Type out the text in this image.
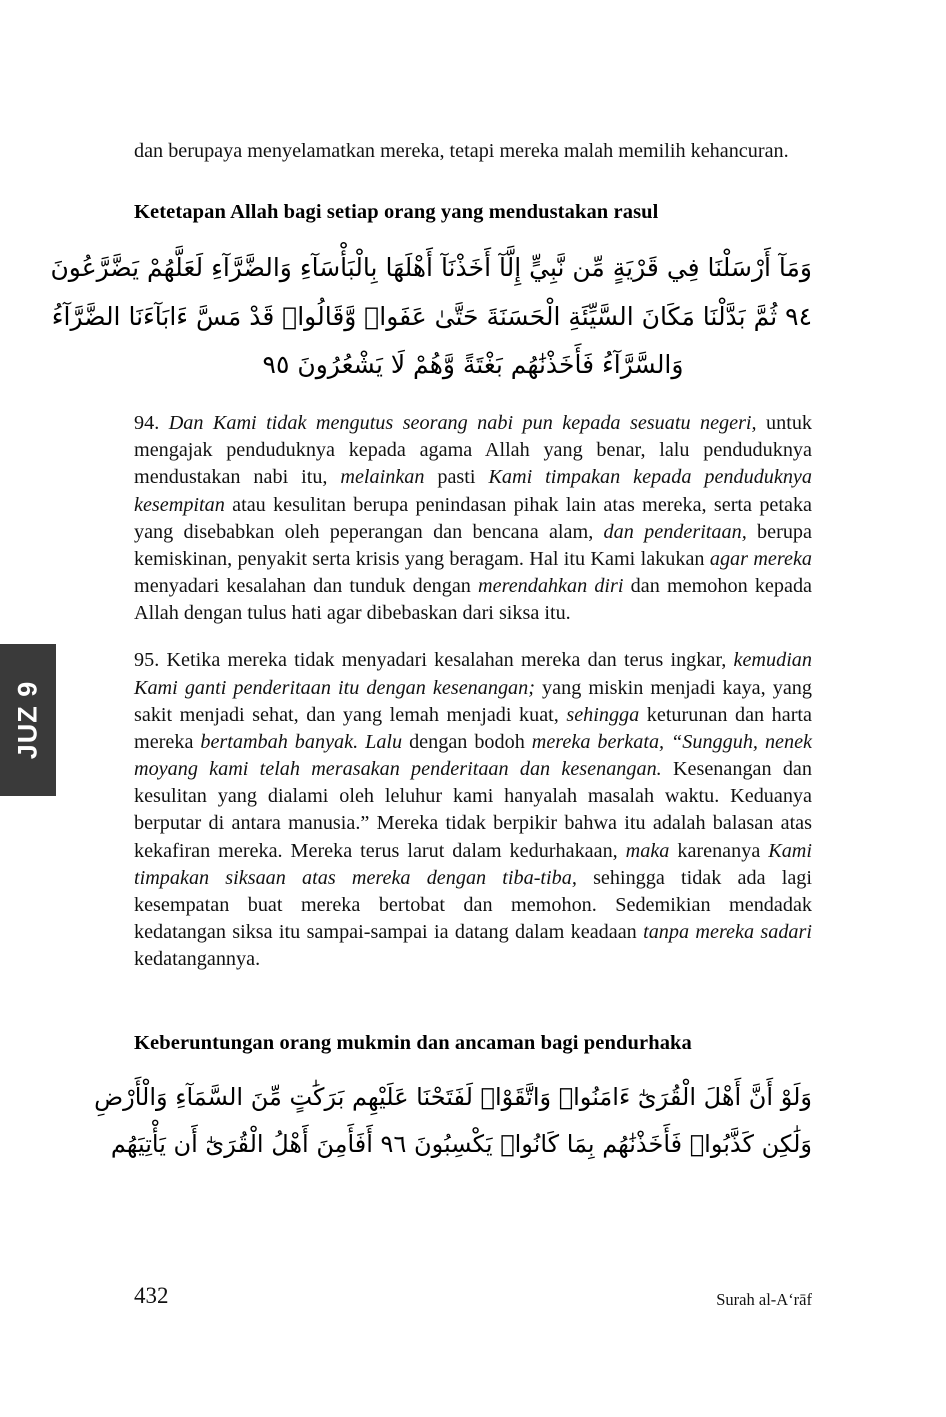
JUZ 9

dan berupaya menyelamatkan mereka, tetapi mereka malah memilih kehancuran.

Ketetapan Allah bagi setiap orang yang mendustakan rasul
وَمَآ أَرْسَلْنَا فِي قَرْيَةٍ مِّن نَّبِيٍّ إِلَّآ أَخَذْنَآ أَهْلَهَا بِالْبَأْسَآءِ وَالضَّرَّآءِ لَعَلَّهُمْ يَضَّرَّعُونَ
٩٤ ثُمَّ بَدَّلْنَا مَكَانَ السَّيِّئَةِ الْحَسَنَةَ حَتَّىٰ عَفَوا۟ وَّقَالُوا۟ قَدْ مَسَّ ءَابَآءَنَا الضَّرَّآءُ
وَالسَّرَّآءُ فَأَخَذْنَٰهُم بَغْتَةً وَّهُمْ لَا يَشْعُرُونَ ٩٥

94. Dan Kami tidak mengutus seorang nabi pun kepada sesuatu negeri, untuk mengajak penduduknya kepada agama Allah yang benar, lalu penduduknya mendustakan nabi itu, melainkan pasti Kami timpakan kepada penduduknya kesempitan atau kesulitan berupa penindasan pihak lain atas mereka, serta petaka yang disebabkan oleh peperangan dan bencana alam, dan penderitaan, berupa kemiskinan, penyakit serta krisis yang beragam. Hal itu Kami lakukan agar mereka menyadari kesalahan dan tunduk dengan merendahkan diri dan memohon kepada Allah dengan tulus hati agar dibebaskan dari siksa itu.

95. Ketika mereka tidak menyadari kesalahan mereka dan terus ingkar, kemudian Kami ganti penderitaan itu dengan kesenangan; yang miskin menjadi kaya, yang sakit menjadi sehat, dan yang lemah menjadi kuat, sehingga keturunan dan harta mereka bertambah banyak. Lalu dengan bodoh mereka berkata, “Sungguh, nenek moyang kami telah merasakan penderitaan dan kesenangan. Kesenangan dan kesulitan yang dialami oleh leluhur kami hanyalah masalah waktu. Keduanya berputar di antara manusia.” Mereka tidak berpikir bahwa itu adalah balasan atas kekafiran mereka. Mereka terus larut dalam kedurhakaan, maka karenanya Kami timpakan siksaan atas mereka dengan tiba-tiba, sehingga tidak ada lagi kesempatan buat mereka bertobat dan memohon. Sedemikian mendadak kedatangan siksa itu sampai-sampai ia datang dalam keadaan tanpa mereka sadari kedatangannya.

Keberuntungan orang mukmin dan ancaman bagi pendurhaka
وَلَوْ أَنَّ أَهْلَ الْقُرَىٰٓ ءَامَنُوا۟ وَاتَّقَوْا۟ لَفَتَحْنَا عَلَيْهِم بَرَكَٰتٍ مِّنَ السَّمَآءِ وَالْأَرْضِ
وَلَٰكِن كَذَّبُوا۟ فَأَخَذْنَٰهُم بِمَا كَانُوا۟ يَكْسِبُونَ ٩٦ أَفَأَمِنَ أَهْلُ الْقُرَىٰٓ أَن يَأْتِيَهُم
432	Surah al-A‘rāf
